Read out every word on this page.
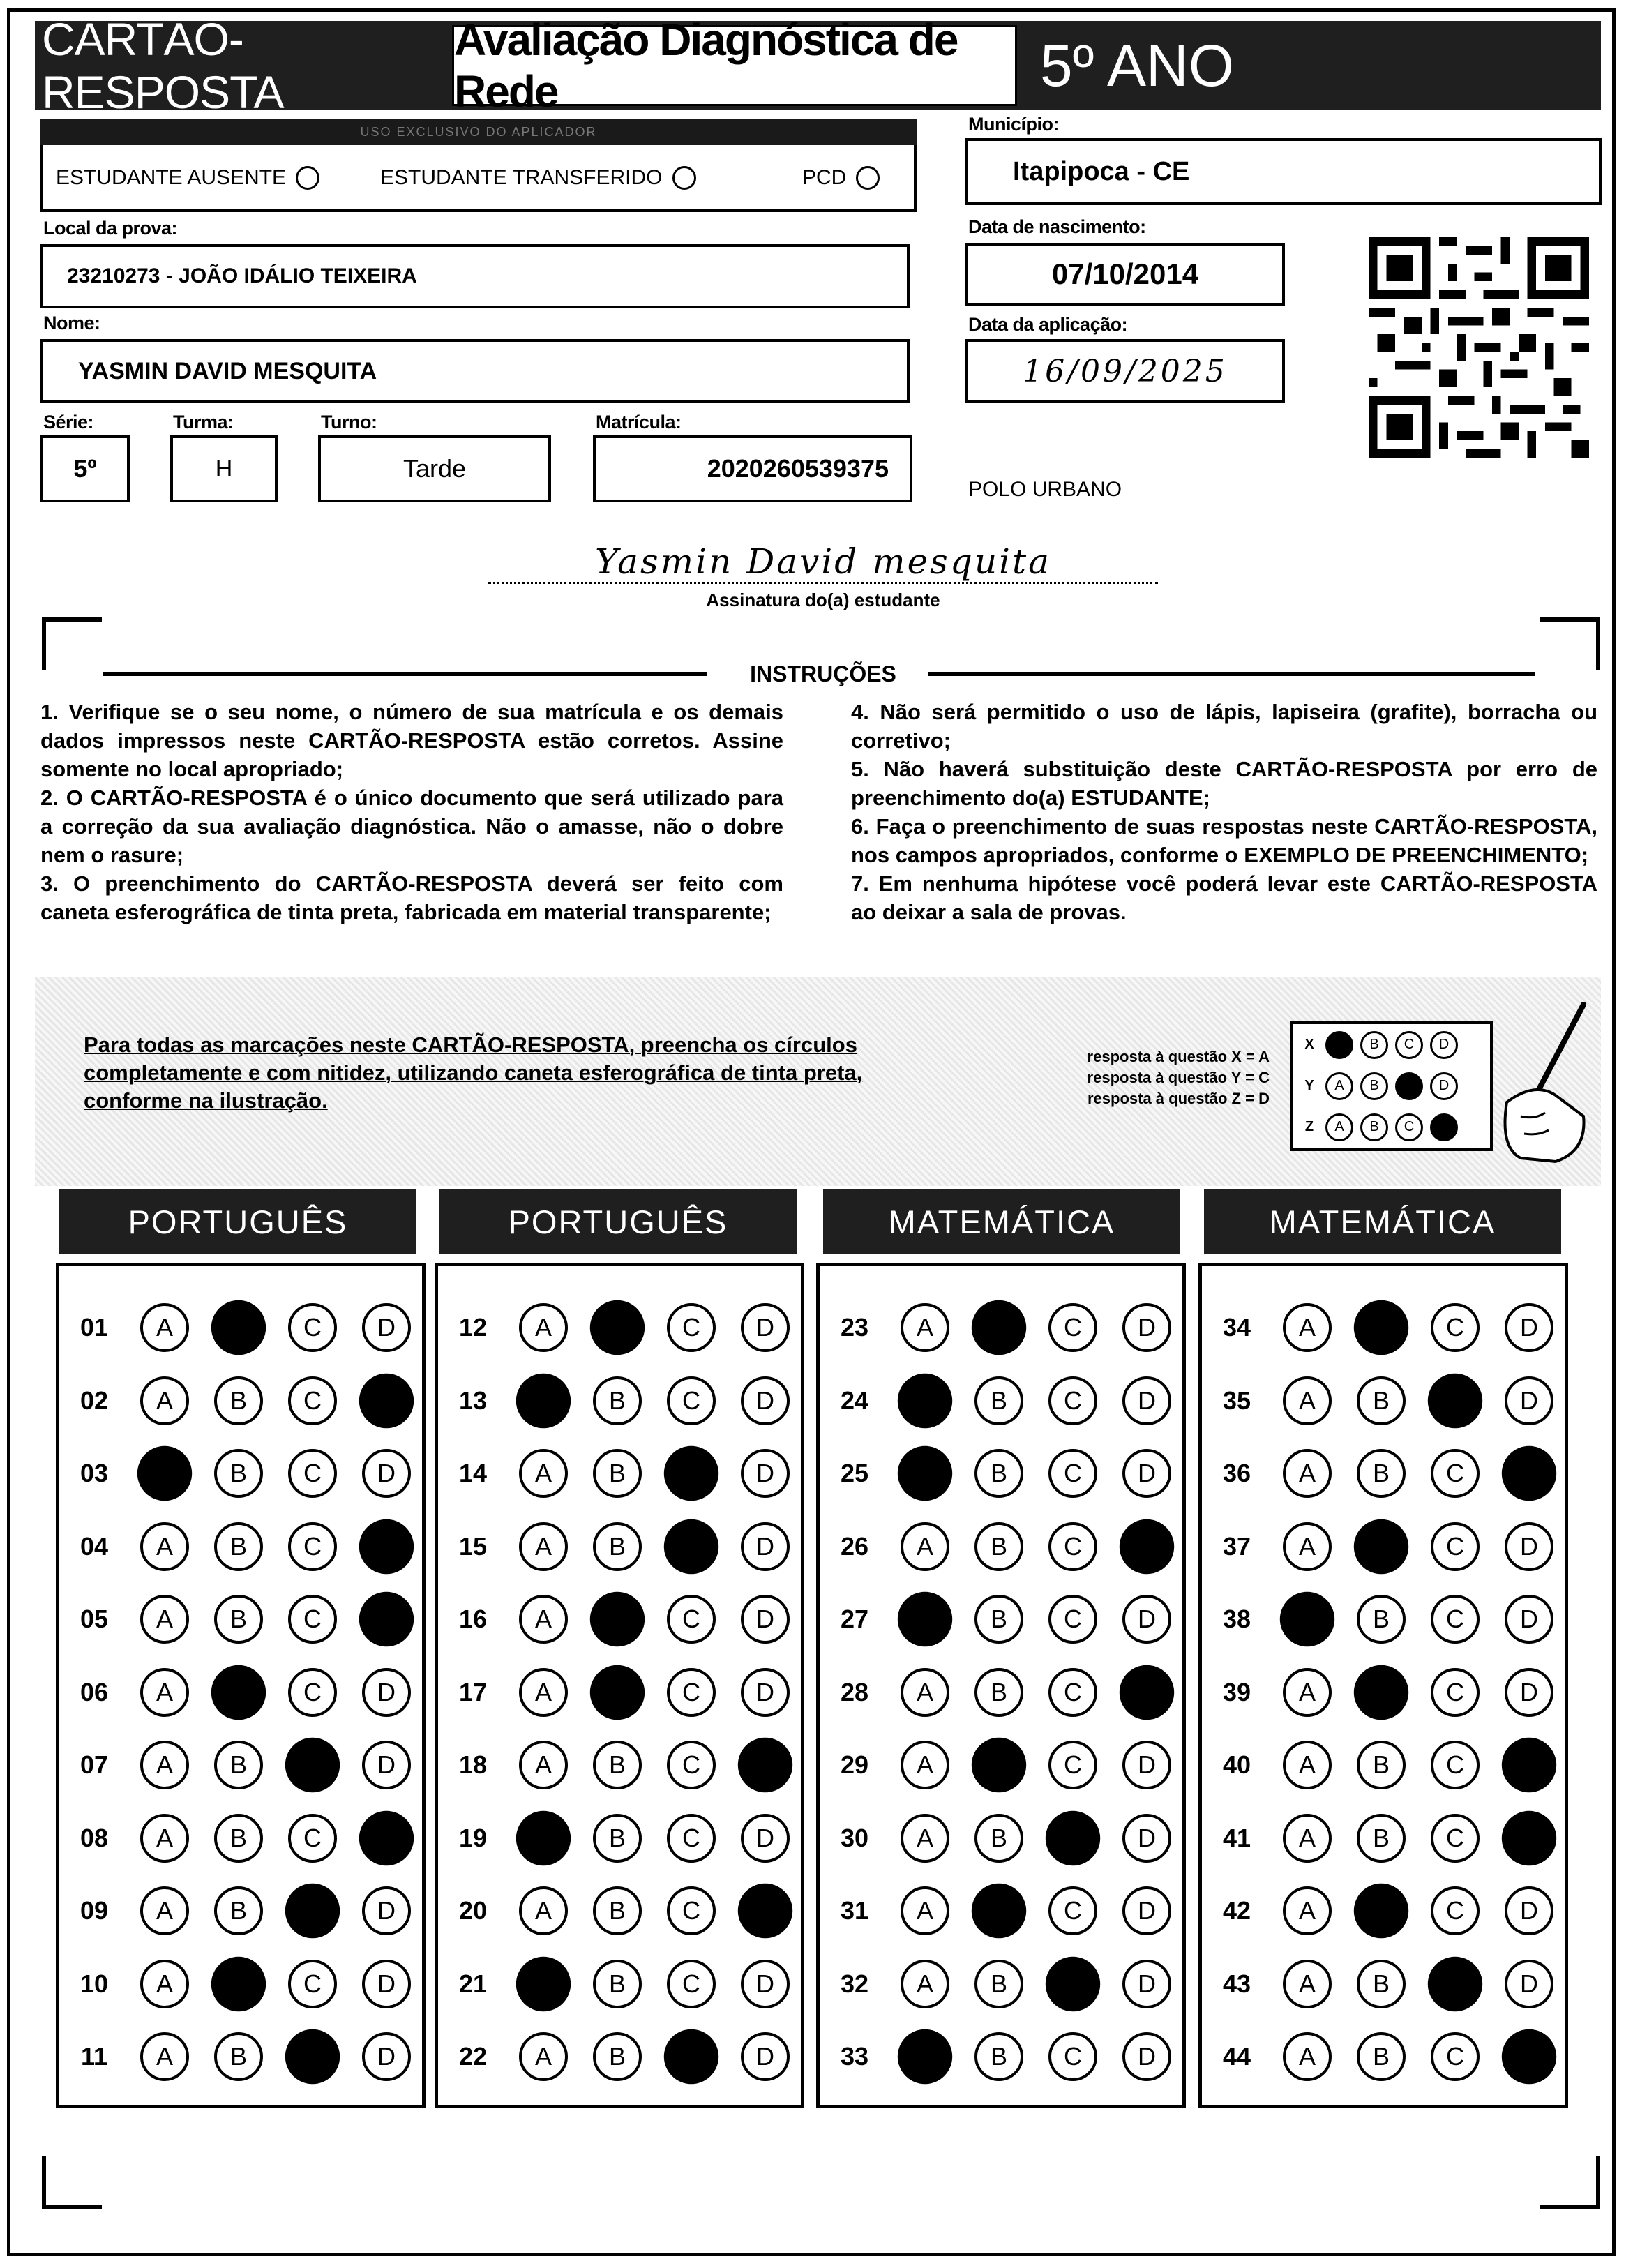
CARTÃO-RESPOSTA
Avaliação Diagnóstica de Rede	5º ANO
USO EXCLUSIVO DO APLICADOR
ESTUDANTE AUSENTE	ESTUDANTE TRANSFERIDO	PCD
Local da prova:
23210273 - JOÃO IDÁLIO TEIXEIRA
Nome:
YASMIN DAVID MESQUITA
Série:
5º
Turma:
H
Turno:
Tarde
Matrícula:
2020260539375
Município:
Itapipoca - CE
Data de nascimento:
07/10/2014
Data da aplicação:
16/09/2025
POLO URBANO
Yasmin David mesquita
Assinatura do(a) estudante
INSTRUÇÕES

1. Verifique se o seu nome, o número de sua matrícula e os demais dados impressos neste CARTÃO-RESPOSTA estão corretos. Assine somente no local apropriado;

2. O CARTÃO-RESPOSTA é o único documento que será utilizado para a correção da sua avaliação diagnóstica. Não o amasse, não o dobre nem o rasure;

3. O preenchimento do CARTÃO-RESPOSTA deverá ser feito com caneta esferográfica de tinta preta, fabricada em material transparente;

4. Não será permitido o uso de lápis, lapiseira (grafite), borracha ou corretivo;

5. Não haverá substituição deste CARTÃO-RESPOSTA por erro de preenchimento do(a) ESTUDANTE;

6. Faça o preenchimento de suas respostas neste CARTÃO-RESPOSTA, nos campos apropriados, conforme o EXEMPLO DE PREENCHIMENTO;

7. Em nenhuma hipótese você poderá levar este CARTÃO-RESPOSTA ao deixar a sala de provas.

Para todas as marcações neste CARTÃO-RESPOSTA, preencha os círculos completamente e com nitidez, utilizando caneta esferográfica de tinta preta, conforme na ilustração.
resposta à questão X = A
resposta à questão Y = C
resposta à questão Z = D
X	A	B	C	D
Y	A	B	C	D
Z	A	B	C	D
PORTUGUÊS
01	A	B	C	D
02	A	B	C	D
03	A	B	C	D
04	A	B	C	D
05	A	B	C	D
06	A	B	C	D
07	A	B	C	D
08	A	B	C	D
09	A	B	C	D
10	A	B	C	D
11	A	B	C	D
PORTUGUÊS
12	A	B	C	D
13	A	B	C	D
14	A	B	C	D
15	A	B	C	D
16	A	B	C	D
17	A	B	C	D
18	A	B	C	D
19	A	B	C	D
20	A	B	C	D
21	A	B	C	D
22	A	B	C	D
MATEMÁTICA
23	A	B	C	D
24	A	B	C	D
25	A	B	C	D
26	A	B	C	D
27	A	B	C	D
28	A	B	C	D
29	A	B	C	D
30	A	B	C	D
31	A	B	C	D
32	A	B	C	D
33	A	B	C	D
MATEMÁTICA
34	A	B	C	D
35	A	B	C	D
36	A	B	C	D
37	A	B	C	D
38	A	B	C	D
39	A	B	C	D
40	A	B	C	D
41	A	B	C	D
42	A	B	C	D
43	A	B	C	D
44	A	B	C	D
